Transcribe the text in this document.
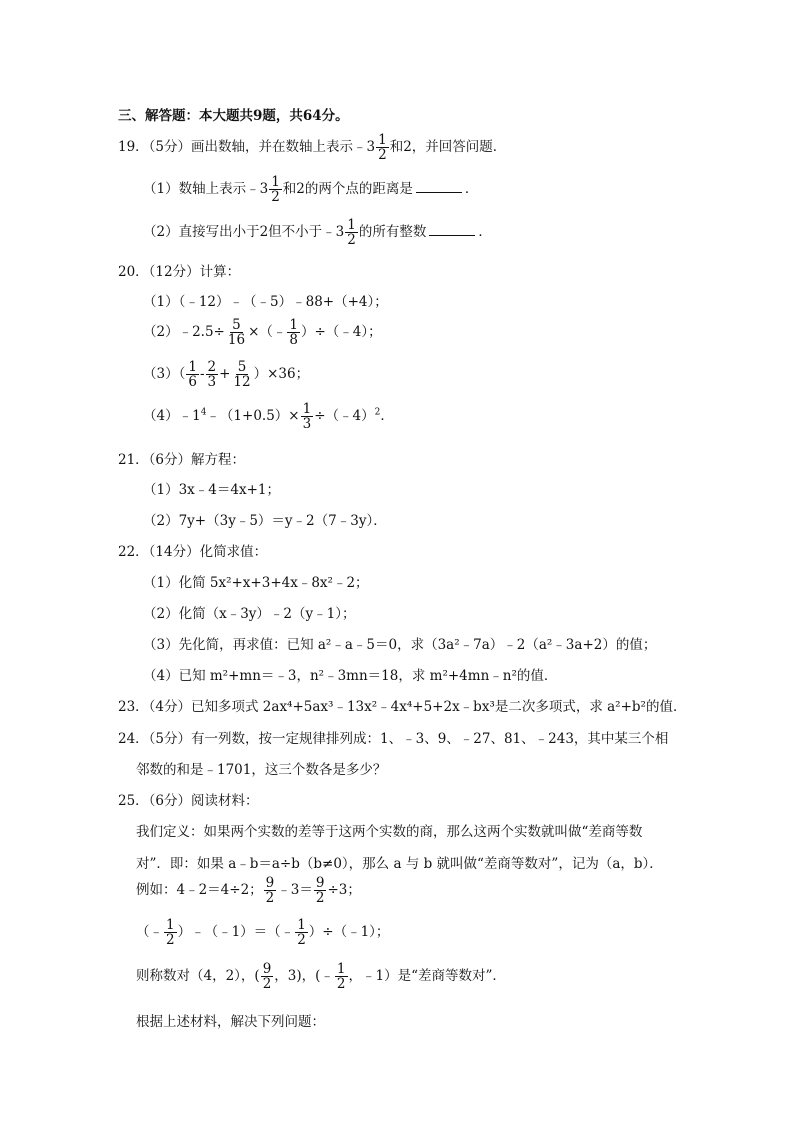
三、解答题：本大题共9题，共64分。
19．（5分）画出数轴，并在数轴上表示﹣3 $\frac{1}{2}$ 和2，并回答问题．
（1）数轴上表示﹣3 $\frac{1}{2}$ 和2的两个点的距离是	．
（2）直接写出小于2但不小于﹣3 $\frac{1}{2}$ 的所有整数	．
20．（12分）计算：
（1）（﹣12）﹣（﹣5）﹣88+（+4）；
（2）﹣2.5÷ $\frac{5}{16}$ ×（﹣ $\frac{1}{8}$ ）÷（﹣4）；
$(3)( \frac{1}{6} - \frac{2}{3} + \frac{5}{12} )\times 36$；
$(4)﹣1^4﹣(1+0.5)\times \frac{1}{3}$ ÷（﹣4）$^2$．
21．（6分）解方程：
（1）3x﹣4＝4x+1；
（2）7y+（3y﹣5）＝y﹣2（7﹣3y）．
22．（14分）化简求值：
（1）化简 5x²+x+3+4x﹣8x²﹣2；
（2）化简（x﹣3y）﹣2（y﹣1）；
（3）先化简，再求值：已知 a²﹣a﹣5＝0，求（3a²﹣7a）﹣2（a²﹣3a+2）的值；
（4）已知 m²+mn＝﹣3，n²﹣3mn＝18，求 m²+4mn﹣n²的值．
23．（4分）已知多项式 2ax⁴+5ax³﹣13x²﹣4x⁴+5+2x﹣bx³是二次多项式，求 a²+b²的值．
24．（5分）有一列数，按一定规律排列成：1、﹣3、9、﹣27、81、﹣243，其中某三个相
邻数的和是﹣1701，这三个数各是多少？
25．（6分）阅读材料：
我们定义：如果两个实数的差等于这两个实数的商，那么这两个实数就叫做“差商等数
对”．即：如果 a﹣b＝a÷b（b≠0），那么 a 与 b 就叫做“差商等数对”，记为（a，b）．
例如：4﹣2＝4÷2； $\frac{9}{2}$ ﹣3＝ $\frac{9}{2} \div 3$；
（﹣ $\frac{1}{2}$ ）﹣（﹣1）＝（﹣ $\frac{1}{2}$ ）÷（﹣1）；
则称数对（4，2），( $\frac{9}{2}$ ，3)，(﹣ $\frac{1}{2}$ ，﹣1）是“差商等数对”．
根据上述材料，解决下列问题：
